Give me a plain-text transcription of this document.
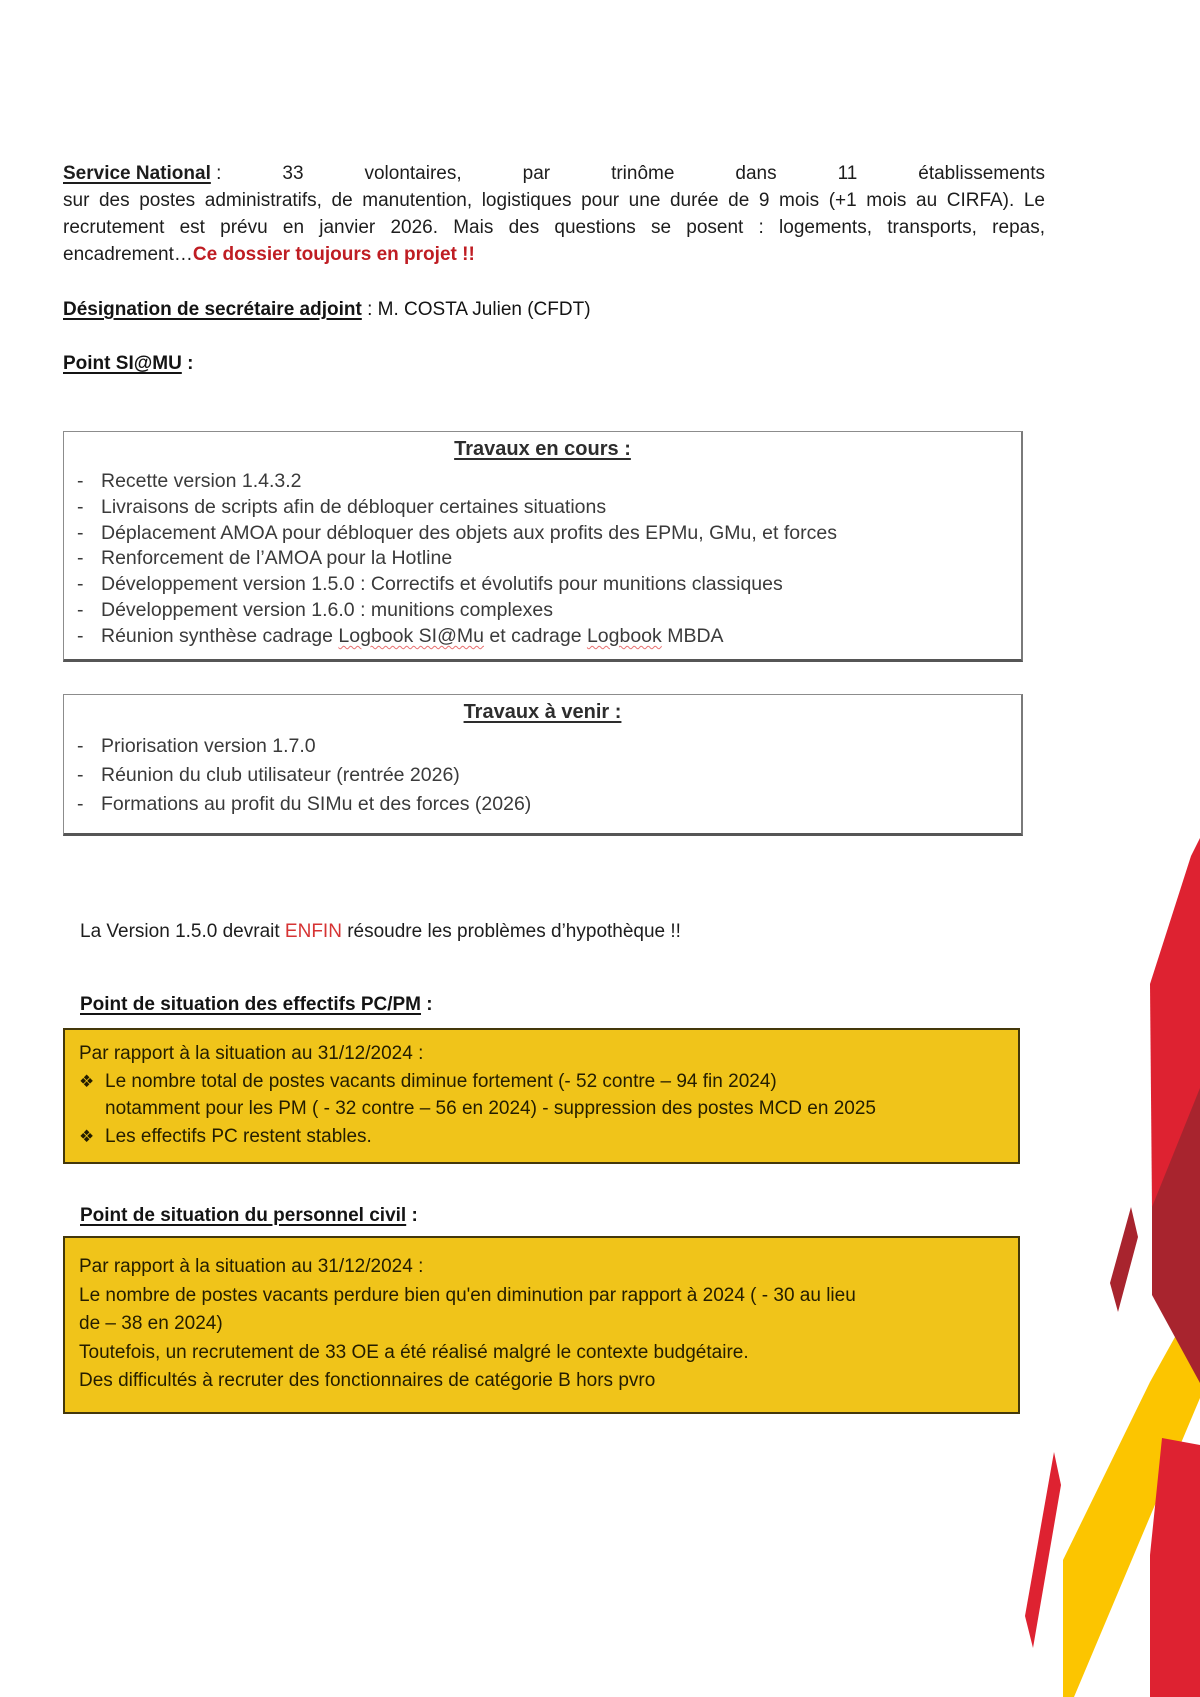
Service National :	33	volontaires,	par	trinôme	dans	11	établissements
sur des postes administratifs, de manutention, logistiques pour une durée de 9 mois (+1 mois au CIRFA). Le
recrutement est prévu en janvier 2026. Mais des questions se posent : logements, transports, repas,
encadrement…Ce dossier toujours en projet !!
Désignation de secrétaire adjoint : M. COSTA Julien (CFDT)
Point SI@MU :
Travaux en cours :
- Recette version 1.4.3.2
- Livraisons de scripts afin de débloquer certaines situations
- Déplacement AMOA pour débloquer des objets aux profits des EPMu, GMu, et forces
- Renforcement de l’AMOA pour la Hotline
- Développement version 1.5.0 : Correctifs et évolutifs pour munitions classiques
- Développement version 1.6.0 : munitions complexes
- Réunion synthèse cadrage Logbook SI@Mu et cadrage Logbook MBDA
Travaux à venir :
- Priorisation version 1.7.0
- Réunion du club utilisateur (rentrée 2026)
- Formations au profit du SIMu et des forces (2026)
La Version 1.5.0 devrait ENFIN résoudre les problèmes d’hypothèque !!
Point de situation des effectifs PC/PM :
Par rapport à la situation au 31/12/2024 :
❖ Le nombre total de postes vacants diminue fortement (- 52 contre – 94 fin 2024)
notamment pour les PM ( - 32 contre – 56 en 2024) - suppression des postes MCD en 2025
❖ Les effectifs PC restent stables.
Point de situation du personnel civil :
Par rapport à la situation au 31/12/2024 :
Le nombre de postes vacants perdure bien qu'en diminution par rapport à 2024 ( - 30 au lieu
de – 38 en 2024)
Toutefois, un recrutement de 33 OE a été réalisé malgré le contexte budgétaire.
Des difficultés à recruter des fonctionnaires de catégorie B hors pvro
